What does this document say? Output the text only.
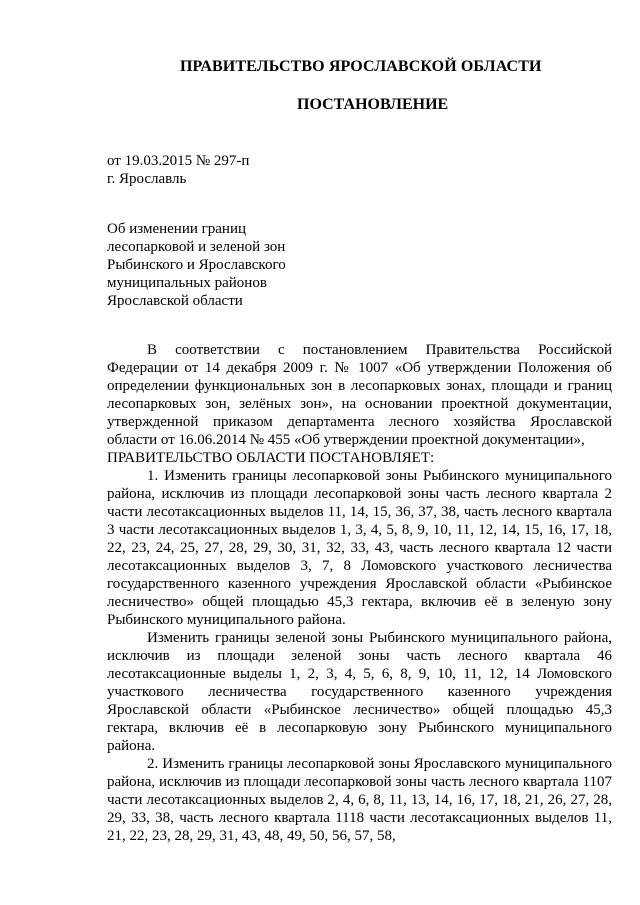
ПРАВИТЕЛЬСТВО ЯРОСЛАВСКОЙ ОБЛАСТИ
ПОСТАНОВЛЕНИЕ
от 19.03.2015 № 297-п
г. Ярославль
Об изменении границ
лесопарковой и зеленой зон
Рыбинского и Ярославского
муниципальных районов
Ярославской области

В соответствии с постановлением Правительства Российской Федерации от 14 декабря 2009 г. № 1007 «Об утверждении Положения об определении функциональных зон в лесопарковых зонах, площади и границ лесопарковых зон, зелёных зон», на основании проектной документации, утвержденной приказом департамента лесного хозяйства Ярославской области от 16.06.2014 № 455 «Об утверждении проектной документации»,

ПРАВИТЕЛЬСТВО ОБЛАСТИ ПОСТАНОВЛЯЕТ:

1. Изменить границы лесопарковой зоны Рыбинского муниципального района, исключив из площади лесопарковой зоны часть лесного квартала 2 части лесотаксационных выделов 11, 14, 15, 36, 37, 38, часть лесного квартала 3 части лесотаксационных выделов 1, 3, 4, 5, 8, 9, 10, 11, 12, 14, 15, 16, 17, 18, 22, 23, 24, 25, 27, 28, 29, 30, 31, 32, 33, 43, часть лесного квартала 12 части лесотаксационных выделов 3, 7, 8 Ломовского участкового лесничества государственного казенного учреждения Ярославской области «Рыбинское лесничество» общей площадью 45,3 гектара, включив её в зеленую зону Рыбинского муниципального района.

Изменить границы зеленой зоны Рыбинского муниципального района, исключив из площади зеленой зоны часть лесного квартала 46 лесотаксационные выделы 1, 2, 3, 4, 5, 6, 8, 9, 10, 11, 12, 14 Ломовского участкового лесничества государственного казенного учреждения Ярославской области «Рыбинское лесничество» общей площадью 45,3 гектара, включив её в лесопарковую зону Рыбинского муниципального района.

2. Изменить границы лесопарковой зоны Ярославского муниципального района, исключив из площади лесопарковой зоны часть лесного квартала 1107 части лесотаксационных выделов 2, 4, 6, 8, 11, 13, 14, 16, 17, 18, 21, 26, 27, 28, 29, 33, 38, часть лесного квартала 1118 части лесотаксационных выделов 11, 21, 22, 23, 28, 29, 31, 43, 48, 49, 50, 56, 57, 58,
